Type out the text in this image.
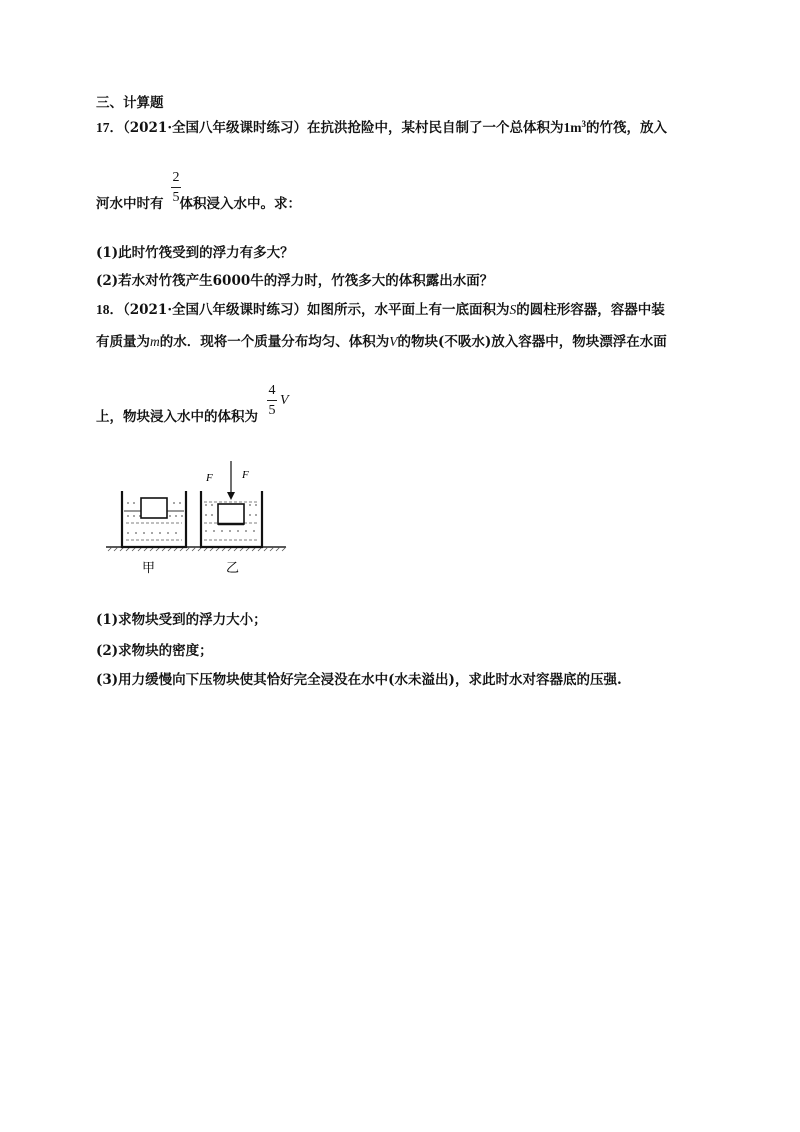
三、计算题
17．（2021·全国八年级课时练习）在抗洪抢险中，某村民自制了一个总体积为$1m^3$的竹筏，放入
2
5
河水中时有 体积浸入水中。求：
(1)此时竹筏受到的浮力有多大？
(2)若水对竹筏产生6000牛的浮力时，竹筏多大的体积露出水面？
18．（2021·全国八年级课时练习）如图所示，水平面上有一底面积为S的圆柱形容器，容器中装
有质量为m的水．现将一个质量分布均匀、体积为V的物块(不吸水)放入容器中，物块漂浮在水面
4
5
V
上，物块浸入水中的体积为
F	F
甲	乙
(1)求物块受到的浮力大小；
(2)求物块的密度；
(3)用力缓慢向下压物块使其恰好完全浸没在水中(水未溢出)，求此时水对容器底的压强.
